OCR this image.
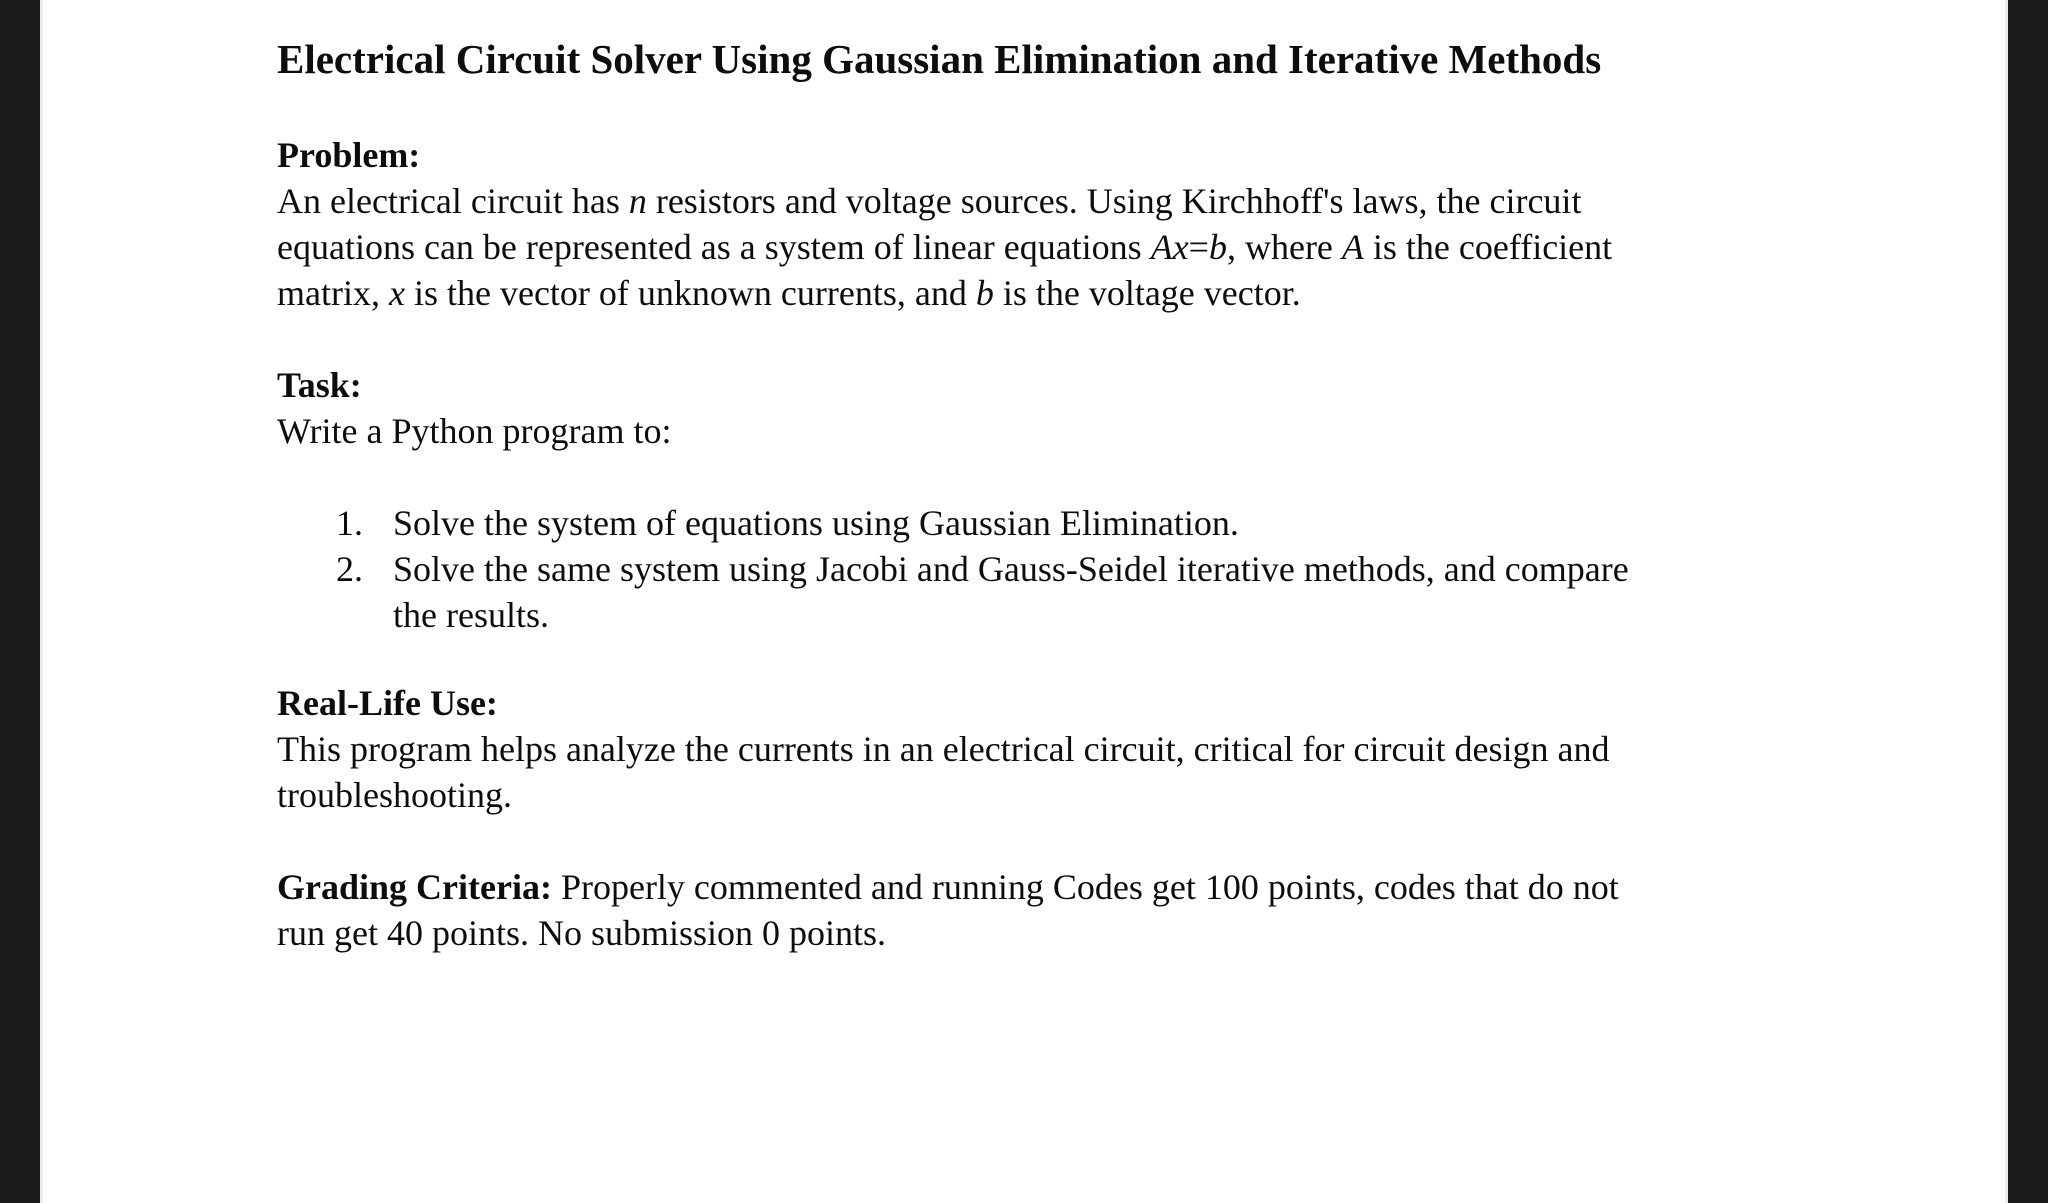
Electrical Circuit Solver Using Gaussian Elimination and Iterative Methods
Problem:
An electrical circuit has n resistors and voltage sources. Using Kirchhoff's laws, the circuit
equations can be represented as a system of linear equations Ax=b, where A is the coefficient
matrix, x is the vector of unknown currents, and b is the voltage vector.
Task:
Write a Python program to:
1. Solve the system of equations using Gaussian Elimination.
2. Solve the same system using Jacobi and Gauss-Seidel iterative methods, and compare
the results.
Real-Life Use:
This program helps analyze the currents in an electrical circuit, critical for circuit design and
troubleshooting.
Grading Criteria: Properly commented and running Codes get 100 points, codes that do not
run get 40 points. No submission 0 points.
